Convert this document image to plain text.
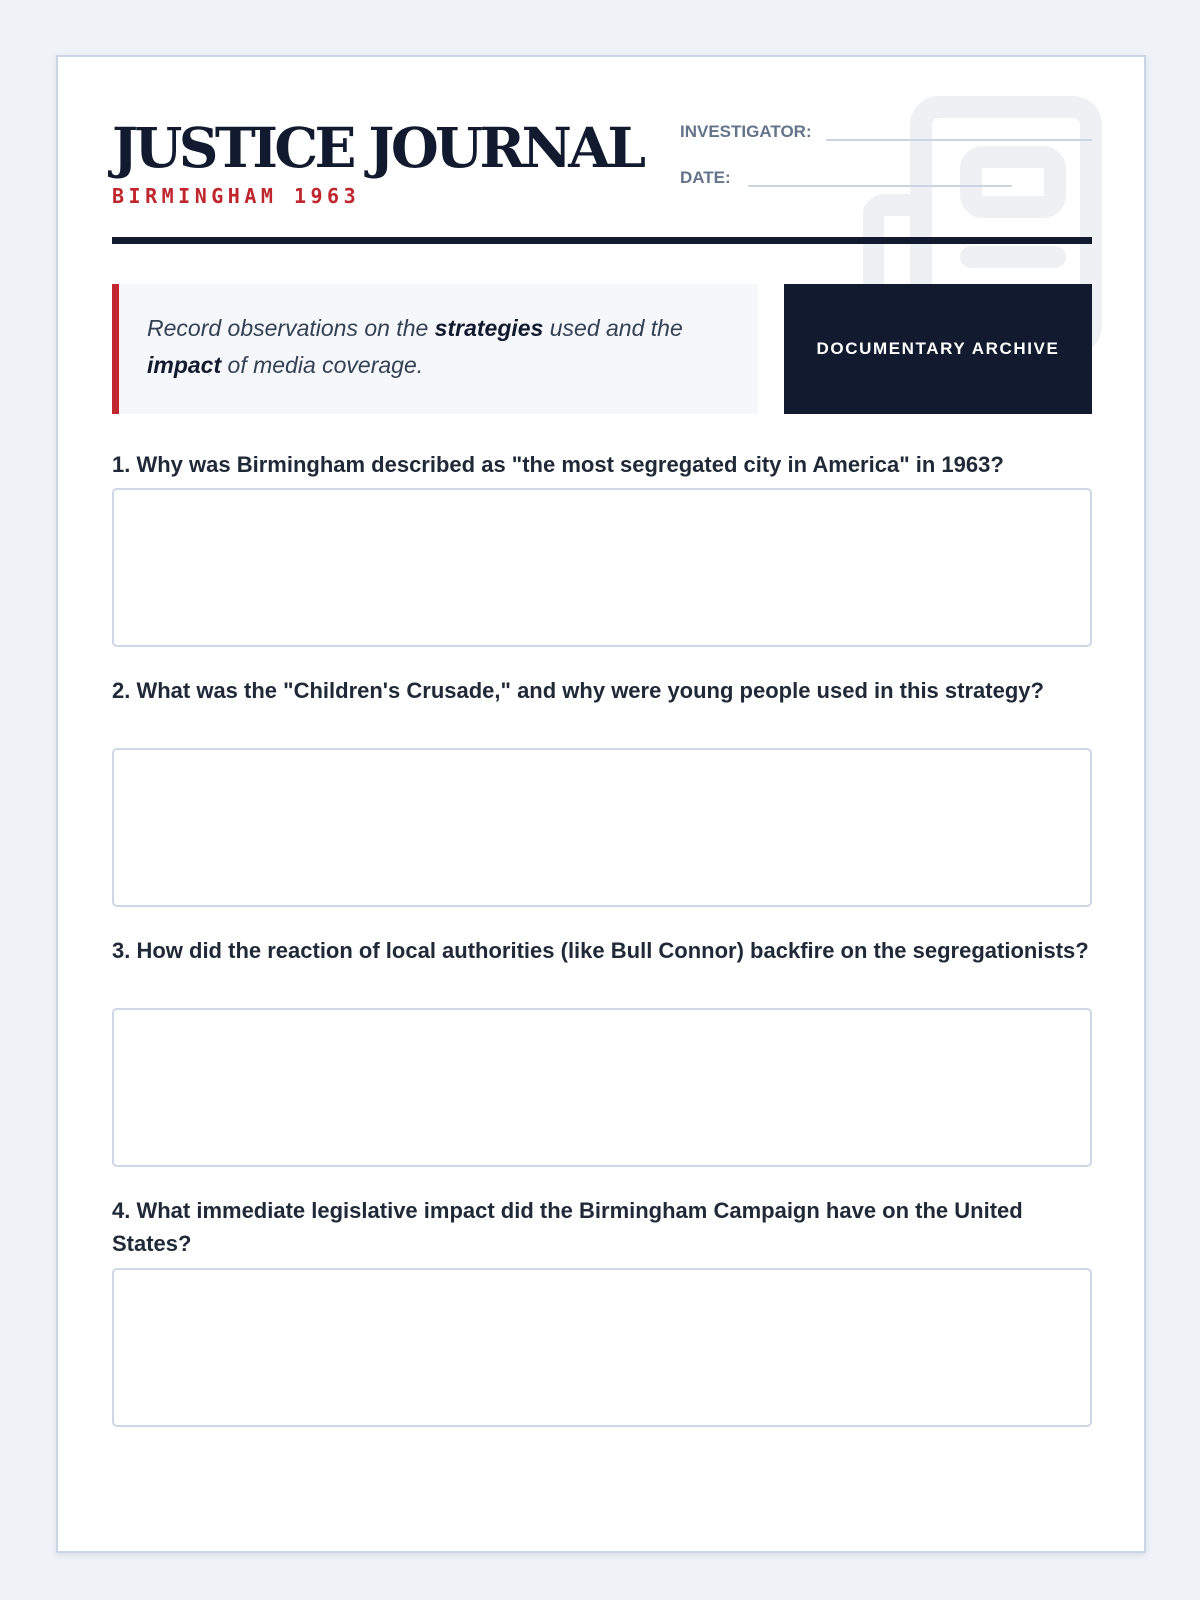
JUSTICE JOURNAL
BIRMINGHAM 1963
INVESTIGATOR:
DATE:
Record observations on the strategies used and the impact of media coverage.
DOCUMENTARY ARCHIVE
1. Why was Birmingham described as "the most segregated city in America" in 1963?
2. What was the "Children's Crusade," and why were young people used in this strategy?
3. How did the reaction of local authorities (like Bull Connor) backfire on the segregationists?
4. What immediate legislative impact did the Birmingham Campaign have on the United States?
